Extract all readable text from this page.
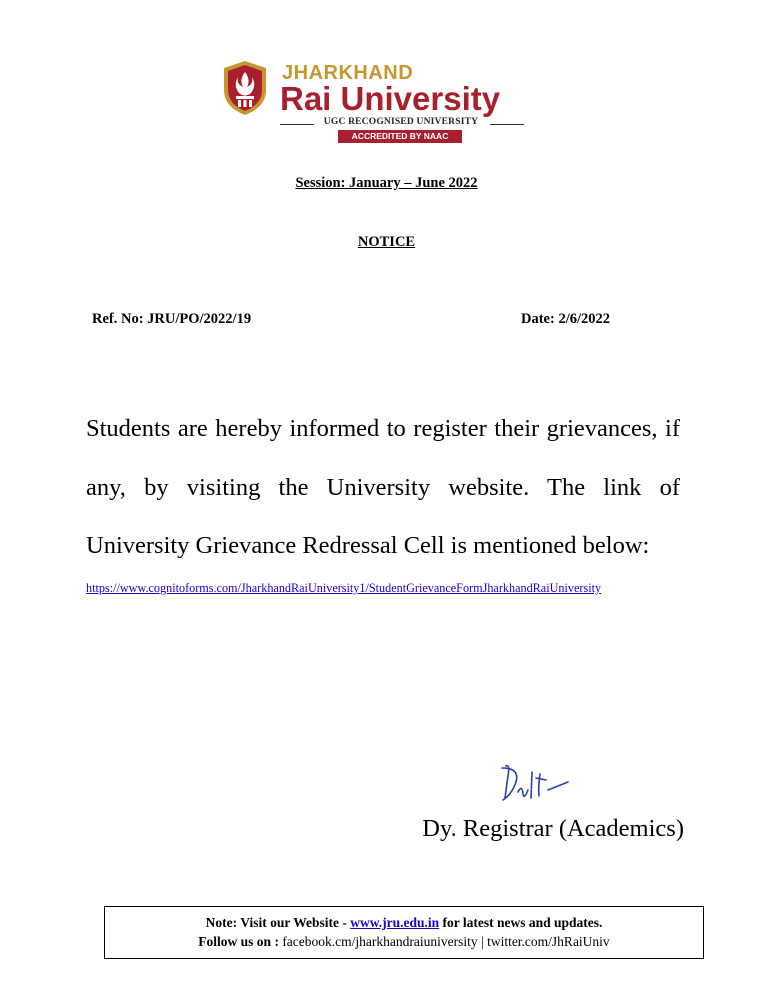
JHARKHAND
Rai University
UGC RECOGNISED UNIVERSITY
ACCREDITED BY NAAC
Session: January – June 2022
NOTICE
Ref. No: JRU/PO/2022/19	Date: 2/6/2022

Students are hereby informed to register their grievances, if any, by visiting the University website. The link of University Grievance Redressal Cell is mentioned below:

https://www.cognitoforms.com/JharkhandRaiUniversity1/StudentGrievanceFormJharkhandRaiUniversity
Dy. Registrar (Academics)
Note: Visit our Website - www.jru.edu.in for latest news and updates.
Follow us on : facebook.cm/jharkhandraiuniversity | twitter.com/JhRaiUniv
